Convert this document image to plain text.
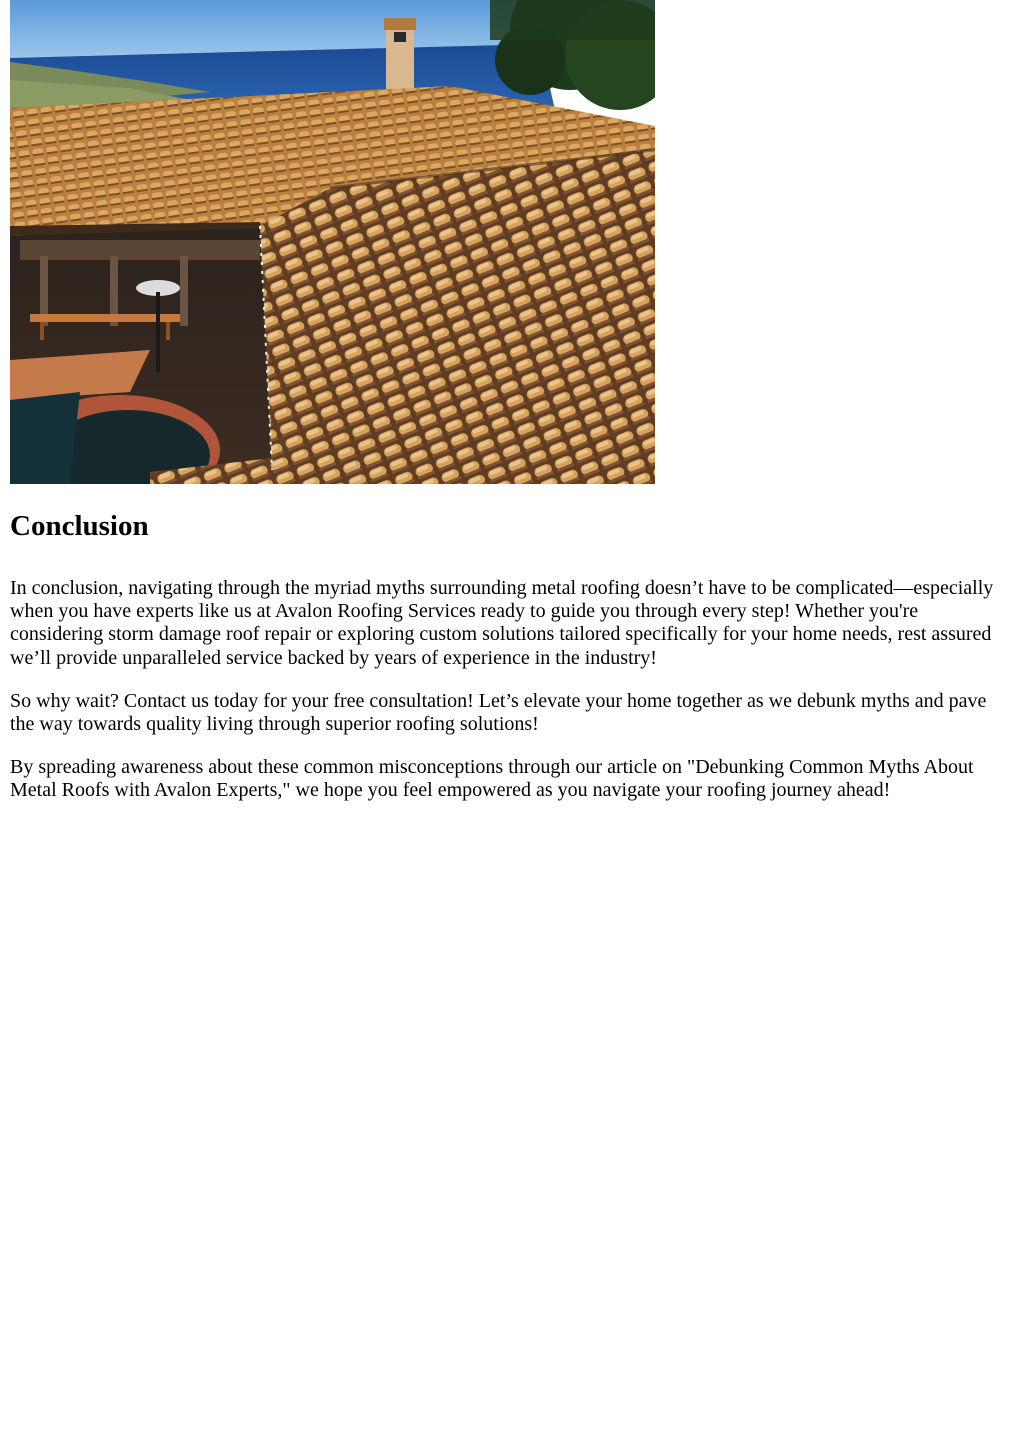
Conclusion

In conclusion, navigating through the myriad myths surrounding metal roofing doesn’t have to be complicated—especially when you have experts like us at Avalon Roofing Services ready to guide you through every step! Whether you're considering storm damage roof repair or exploring custom solutions tailored specifically for your home needs, rest assured we’ll provide unparalleled service backed by years of experience in the industry!

So why wait? Contact us today for your free consultation! Let’s elevate your home together as we debunk myths and pave the way towards quality living through superior roofing solutions!

By spreading awareness about these common misconceptions through our article on "Debunking Common Myths About Metal Roofs with Avalon Experts," we hope you feel empowered as you navigate your roofing journey ahead!
